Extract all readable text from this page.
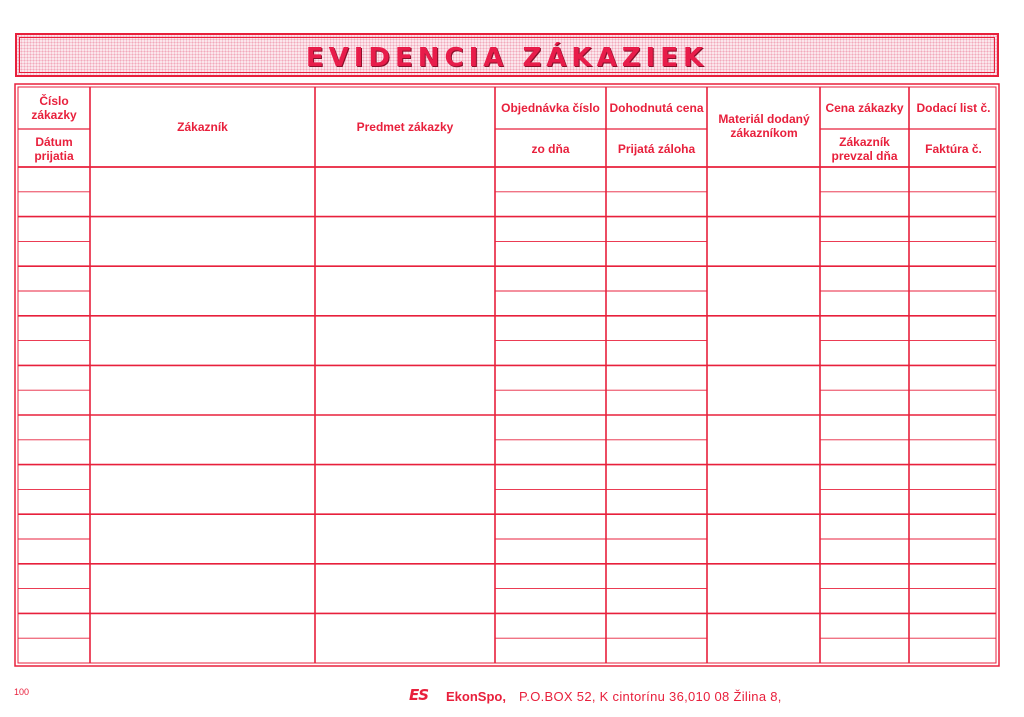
EVIDENCIA ZÁKAZIEK
Číslo zákazky
Dátum prijatia
Zákazník	Predmet zákazky
Objednávka číslo
zo dňa
Dohodnutá cena
Prijatá záloha
Materiál dodaný zákazníkom
Cena zákazky
Zákazník prevzal dňa
Dodací list č.
Faktúra č.
100	ES EkonSpo, P.O.BOX 52, K cintorínu 36,010 08 Žilina 8,
